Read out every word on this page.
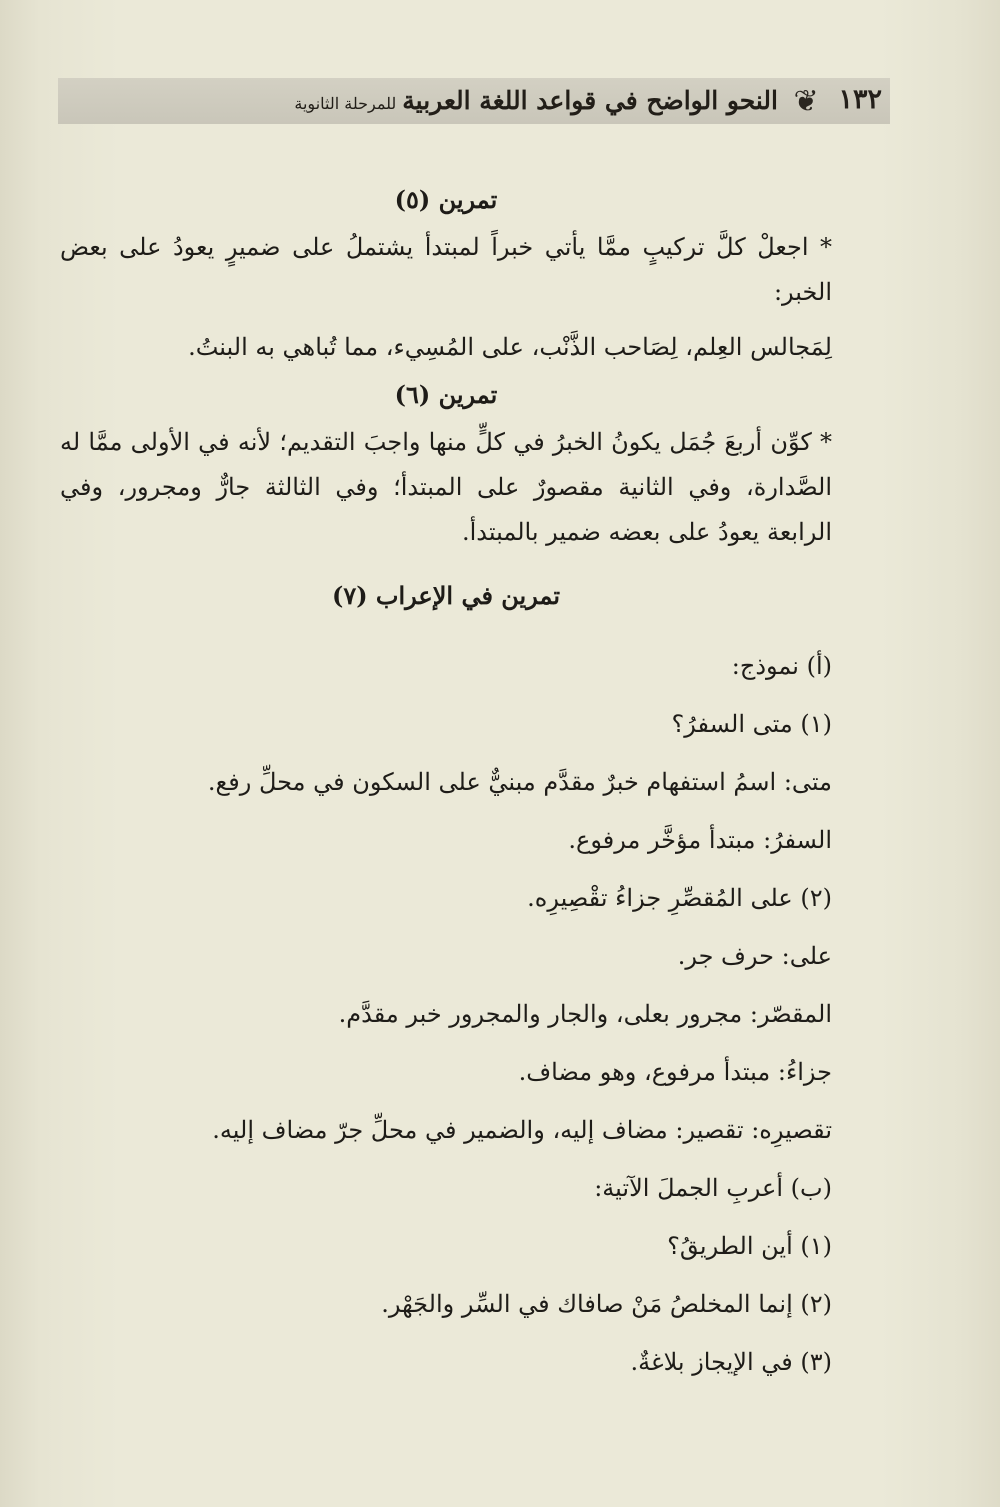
١٣٢
❦
النحو الواضح في قواعد اللغة العربيةللمرحلة الثانوية

تمرين (٥)

* اجعلْ كلَّ تركيبٍ ممَّا يأتي خبراً لمبتدأ يشتملُ على ضميرٍ يعودُ على بعض الخبر:

لِمَجالس العِلم، لِصَاحب الذَّنْب، على المُسِيء، مما تُباهي به البنتُ.

تمرين (٦)

* كوِّن أربعَ جُمَل يكونُ الخبرُ في كلٍّ منها واجبَ التقديم؛ لأنه في الأولى ممَّا له الصَّدارة، وفي الثانية مقصورٌ على المبتدأ؛ وفي الثالثة جارٌّ ومجرور، وفي الرابعة يعودُ على بعضه ضمير بالمبتدأ.

تمرين في الإعراب (٧)

(أ) نموذج:

(١) متى السفرُ؟

متى: اسمُ استفهام خبرٌ مقدَّم مبنيٌّ على السكون في محلِّ رفع.

السفرُ: مبتدأ مؤخَّر مرفوع.

(٢) على المُقصِّرِ جزاءُ تقْصِيرِه.

على: حرف جر.

المقصّر: مجرور بعلى، والجار والمجرور خبر مقدَّم.

جزاءُ: مبتدأ مرفوع، وهو مضاف.

تقصيرِه: تقصير: مضاف إليه، والضمير في محلِّ جرّ مضاف إليه.

(ب) أعربِ الجملَ الآتية:

(١) أين الطريقُ؟

(٢) إنما المخلصُ مَنْ صافاك في السِّر والجَهْر.

(٣) في الإيجاز بلاغةٌ.
